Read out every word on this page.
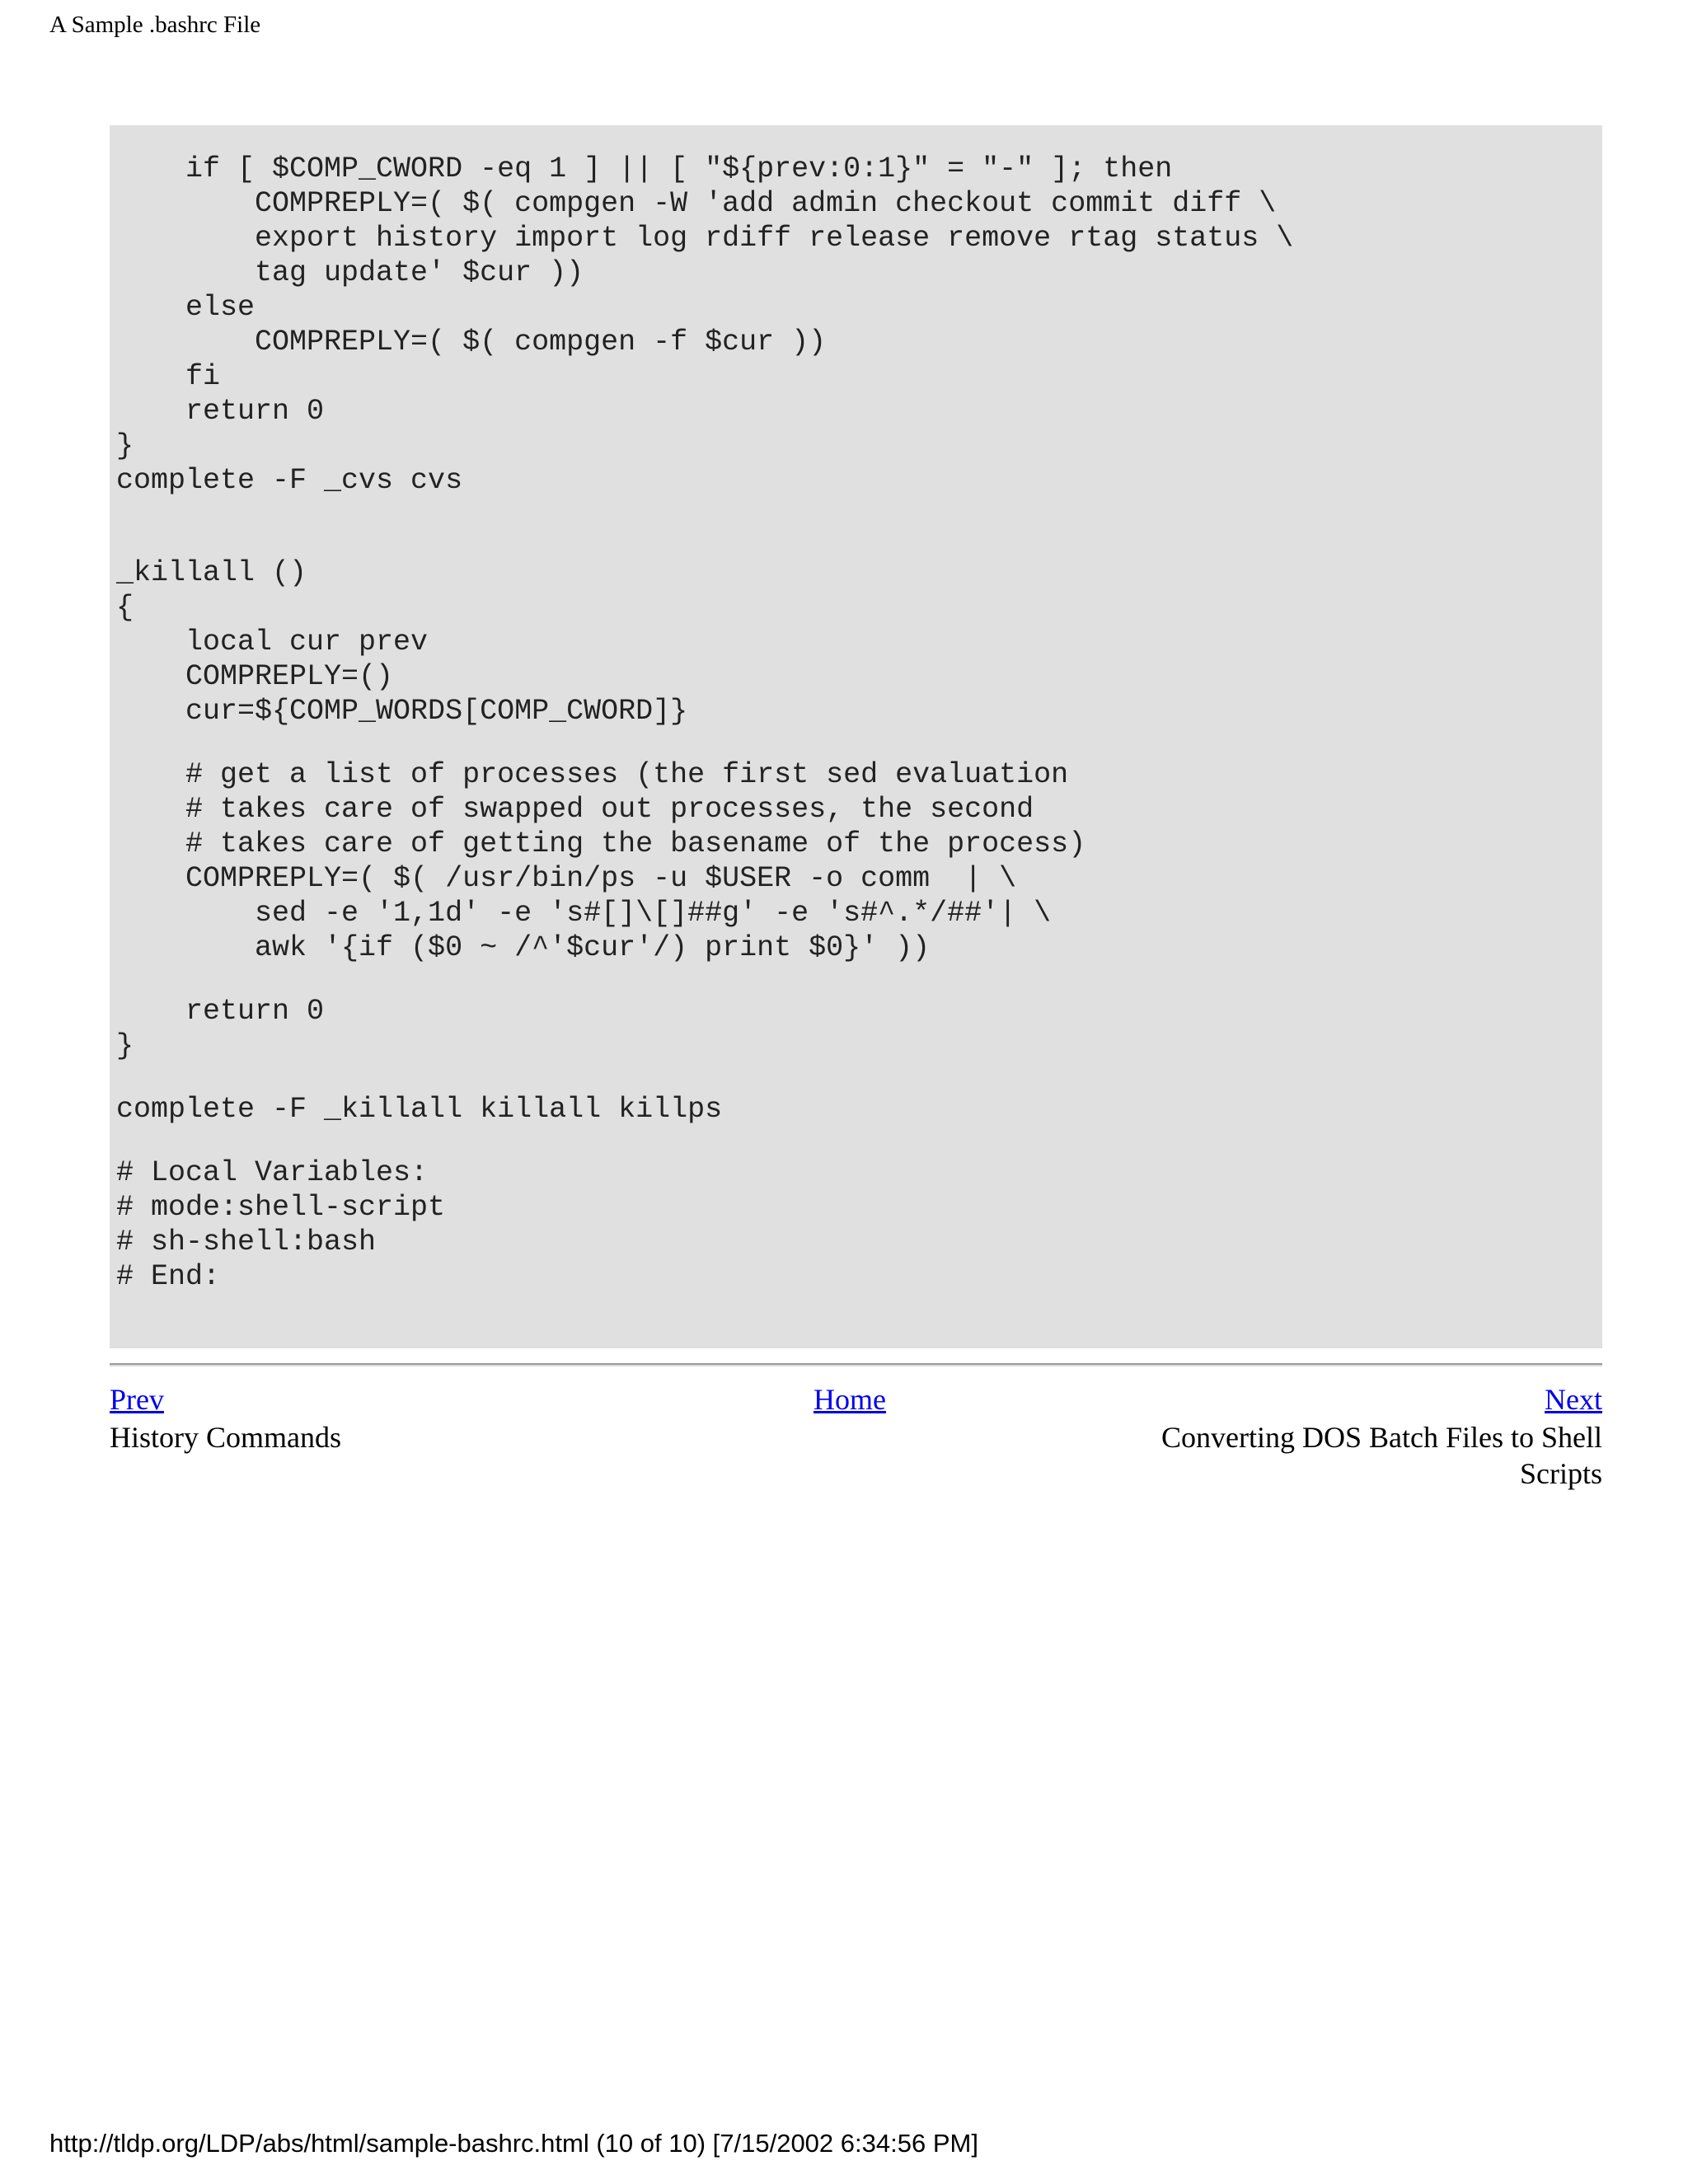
A Sample .bashrc File
if [ $COMP_CWORD -eq 1 ] || [ "${prev:0:1}" = "-" ]; then
COMPREPLY=( $( compgen -W 'add admin checkout commit diff \
export history import log rdiff release remove rtag status \
tag update' $cur ))
else
COMPREPLY=( $( compgen -f $cur ))
fi
return 0
}
complete -F _cvs cvs
_killall ()
{
local cur prev
COMPREPLY=()
cur=${COMP_WORDS[COMP_CWORD]}
# get a list of processes (the first sed evaluation
# takes care of swapped out processes, the second
# takes care of getting the basename of the process)
COMPREPLY=( $( /usr/bin/ps -u $USER -o comm  | \
sed -e '1,1d' -e 's#[]\[]##g' -e 's#^.*/##'| \
awk '{if ($0 ~ /^'$cur'/) print $0}' ))
return 0
}
complete -F _killall killall killps
# Local Variables:
# mode:shell-script
# sh-shell:bash
# End:
Prev	Home	Next
History Commands	Converting DOS Batch Files to Shell
Scripts
http://tldp.org/LDP/abs/html/sample-bashrc.html (10 of 10) [7/15/2002 6:34:56 PM]
